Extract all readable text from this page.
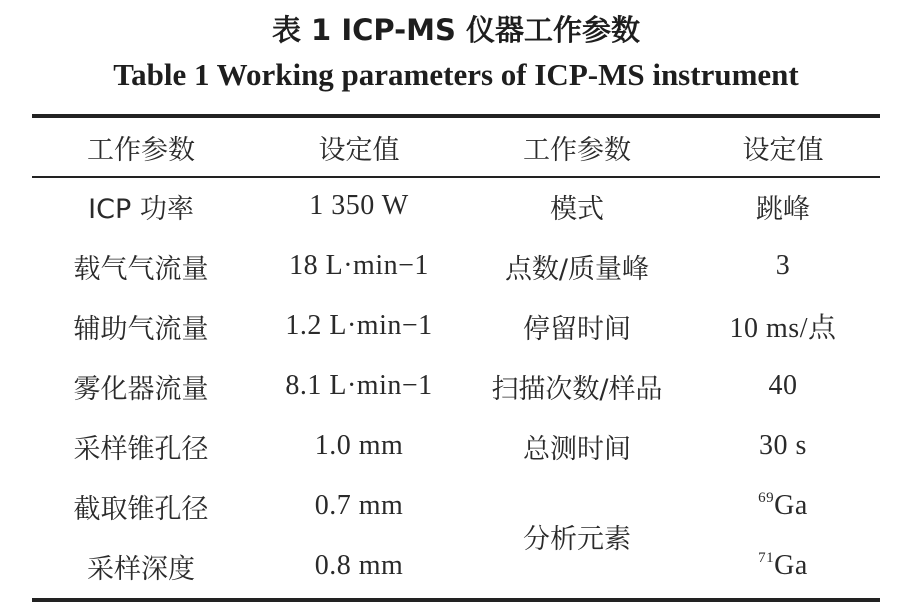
表 1 ICP-MS 仪器工作参数
Table 1 Working parameters of ICP-MS instrument
工作参数	设定值	工作参数	设定值
ICP 功率	1 350 W	模式	跳峰
载气气流量	18 L·min−1	点数/质量峰	3
辅助气流量	1.2 L·min−1	停留时间	10 ms/点
雾化器流量	8.1 L·min−1	扫描次数/样品	40
采样锥孔径	1.0 mm	总测时间	30 s
截取锥孔径	0.7 mm	分析元素	$^{69}$Ga
采样深度	0.8 mm		$^{71}$Ga
